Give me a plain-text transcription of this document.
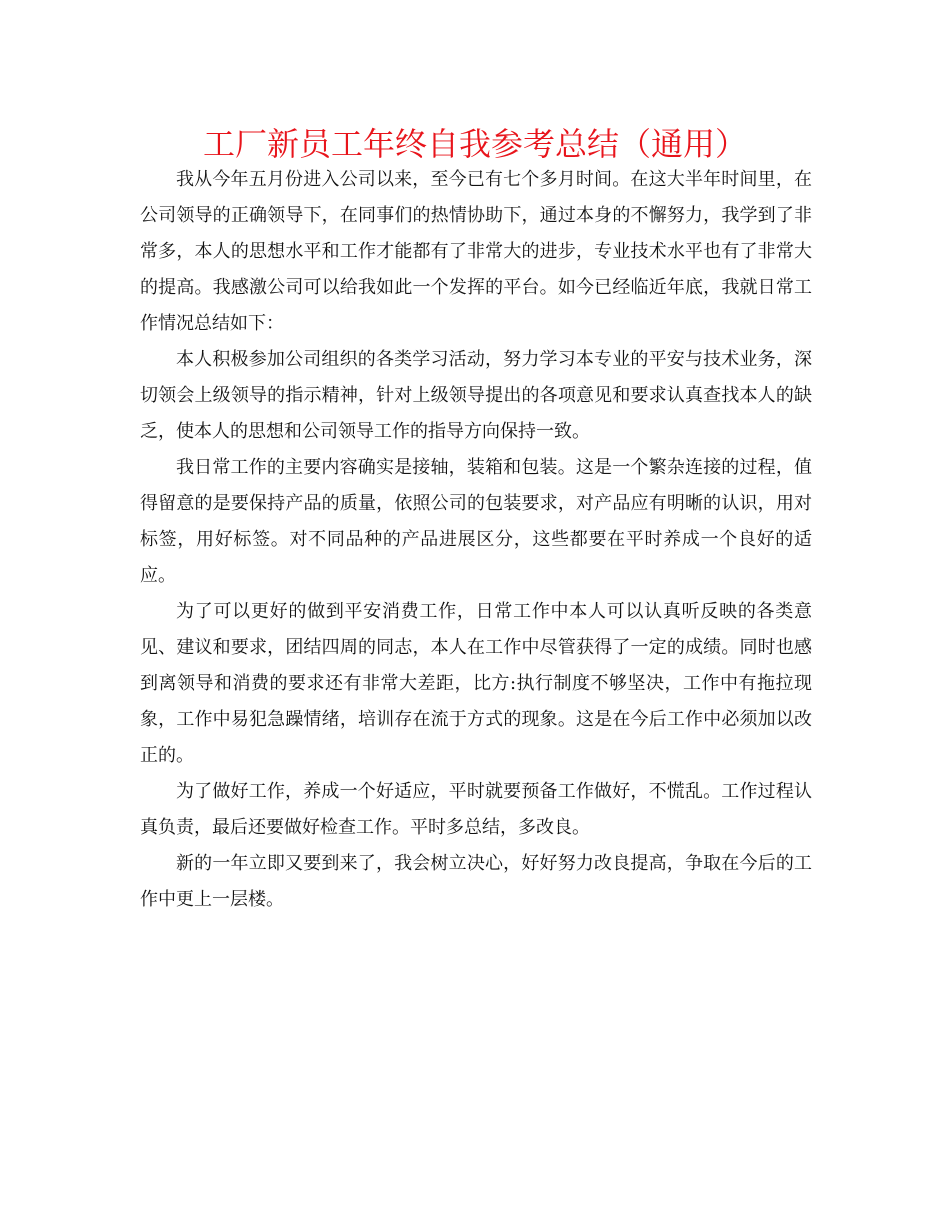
工厂新员工年终自我参考总结（通用）

我从今年五月份进入公司以来，至今已有七个多月时间。在这大半年时间里，在公司领导的正确领导下，在同事们的热情协助下，通过本身的不懈努力，我学到了非常多，本人的思想水平和工作才能都有了非常大的进步，专业技术水平也有了非常大的提高。我感激公司可以给我如此一个发挥的平台。如今已经临近年底，我就日常工作情况总结如下：

本人积极参加公司组织的各类学习活动，努力学习本专业的平安与技术业务，深切领会上级领导的指示精神，针对上级领导提出的各项意见和要求认真查找本人的缺乏，使本人的思想和公司领导工作的指导方向保持一致。

我日常工作的主要内容确实是接轴，装箱和包装。这是一个繁杂连接的过程，值得留意的是要保持产品的质量，依照公司的包装要求，对产品应有明晰的认识，用对标签，用好标签。对不同品种的产品进展区分，这些都要在平时养成一个良好的适应。

为了可以更好的做到平安消费工作，日常工作中本人可以认真听反映的各类意见、建议和要求，团结四周的同志，本人在工作中尽管获得了一定的成绩。同时也感到离领导和消费的要求还有非常大差距，比方:执行制度不够坚决，工作中有拖拉现象，工作中易犯急躁情绪，培训存在流于方式的现象。这是在今后工作中必须加以改正的。

为了做好工作，养成一个好适应，平时就要预备工作做好，不慌乱。工作过程认真负责，最后还要做好检查工作。平时多总结，多改良。

新的一年立即又要到来了，我会树立决心，好好努力改良提高，争取在今后的工作中更上一层楼。
